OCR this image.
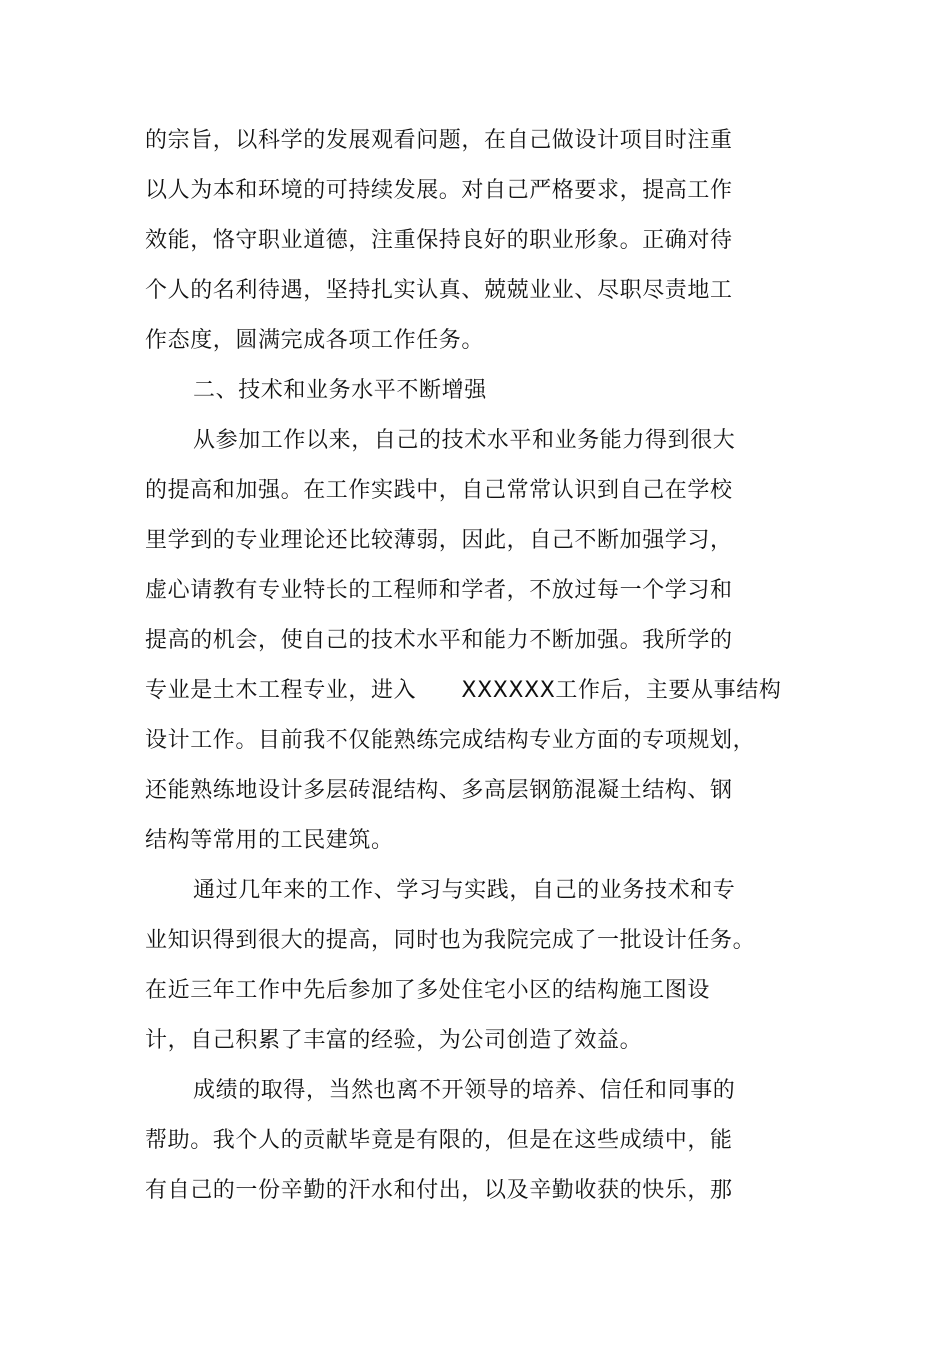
的宗旨，以科学的发展观看问题，在自己做设计项目时注重
以人为本和环境的可持续发展。对自己严格要求，提高工作
效能，恪守职业道德，注重保持良好的职业形象。正确对待
个人的名利待遇，坚持扎实认真、兢兢业业、尽职尽责地工
作态度，圆满完成各项工作任务。
二、技术和业务水平不断增强
从参加工作以来，自己的技术水平和业务能力得到很大
的提高和加强。在工作实践中，自己常常认识到自己在学校
里学到的专业理论还比较薄弱，因此，自己不断加强学习，
虚心请教有专业特长的工程师和学者，不放过每一个学习和
提高的机会，使自己的技术水平和能力不断加强。我所学的
专业是土木工程专业，进入　　XXXXXX工作后，主要从事结构
设计工作。目前我不仅能熟练完成结构专业方面的专项规划，
还能熟练地设计多层砖混结构、多高层钢筋混凝土结构、钢
结构等常用的工民建筑。
通过几年来的工作、学习与实践，自己的业务技术和专
业知识得到很大的提高，同时也为我院完成了一批设计任务。
在近三年工作中先后参加了多处住宅小区的结构施工图设
计，自己积累了丰富的经验，为公司创造了效益。
成绩的取得，当然也离不开领导的培养、信任和同事的
帮助。我个人的贡献毕竟是有限的，但是在这些成绩中，能
有自己的一份辛勤的汗水和付出，以及辛勤收获的快乐，那
